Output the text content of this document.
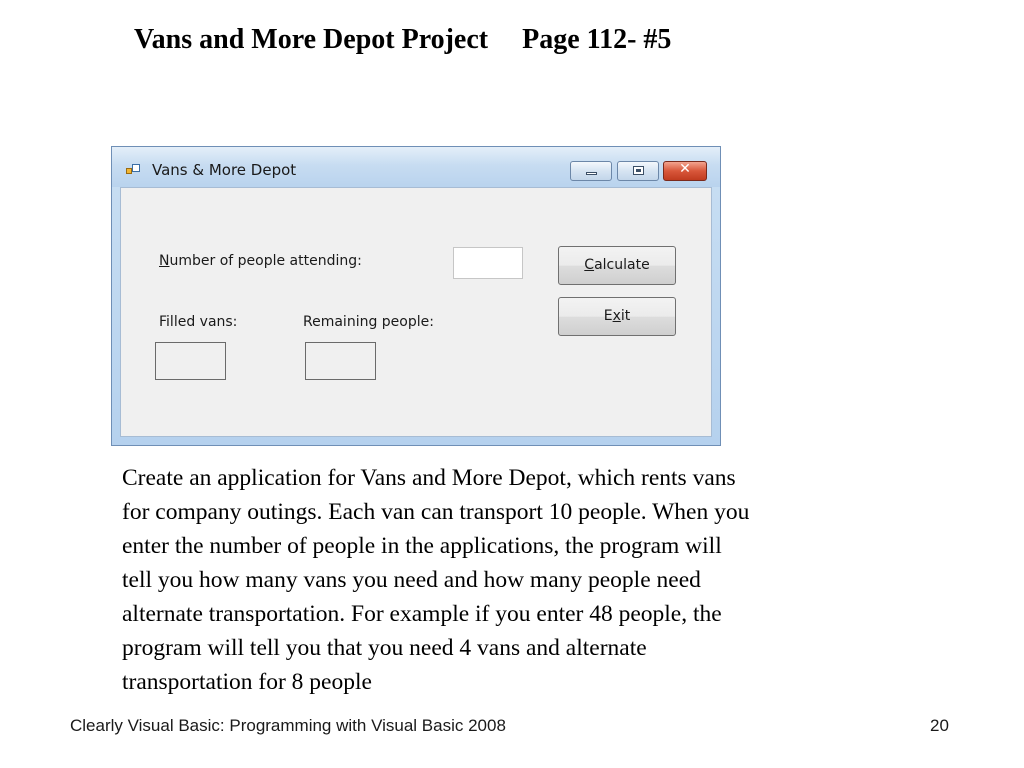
Vans and More Depot Project Page 112- #5
Vans & More Depot	✕
Number of people attending:	Calculate
Exit
Filled vans:	Remaining people:

Create an application for Vans and More Depot, which rents vans

for company outings. Each van can transport 10 people. When you

enter the number of people in the applications, the program will

tell you how many vans you need and how many people need

alternate transportation. For example if you enter 48 people, the

program will tell you that you need 4 vans and alternate

transportation for 8 people

Clearly Visual Basic: Programming with Visual Basic 2008	20
